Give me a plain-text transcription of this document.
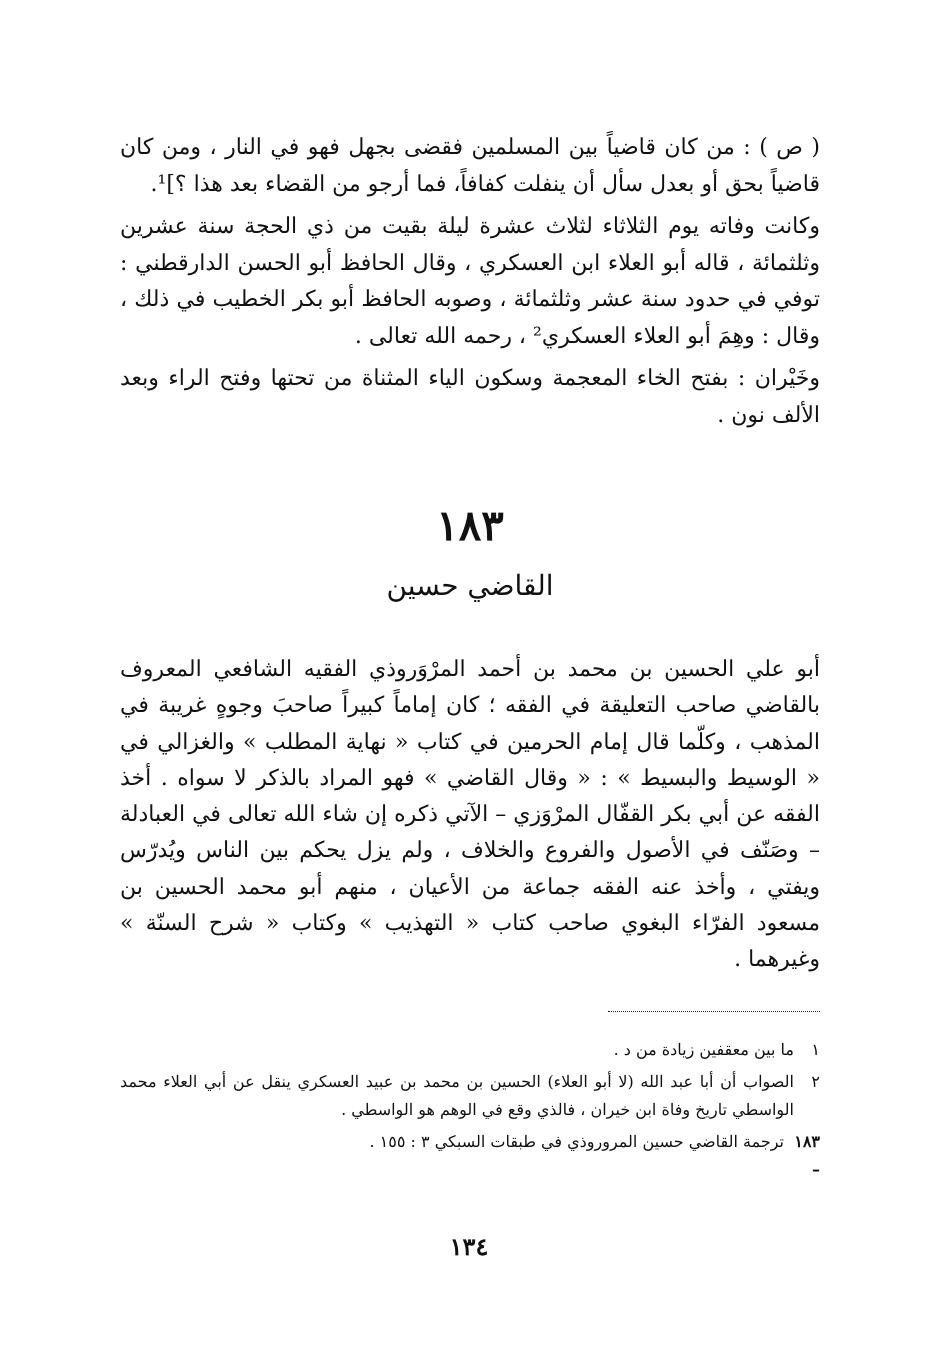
( ص ) : من كان قاضياً بين المسلمين فقضى بجهل فهو في النار ، ومن كان قاضياً بحق أو بعدل سأل أن ينفلت كفافاً، فما أرجو من القضاء بعد هذا ؟]¹.

وكانت وفاته يوم الثلاثاء لثلاث عشرة ليلة بقيت من ذي الحجة سنة عشرين وثلثمائة ، قاله أبو العلاء ابن العسكري ، وقال الحافظ أبو الحسن الدارقطني : توفي في حدود سنة عشر وثلثمائة ، وصوبه الحافظ أبو بكر الخطيب في ذلك ، وقال : وهِمَ أبو العلاء العسكري² ، رحمه الله تعالى .

وخَيْران : بفتح الخاء المعجمة وسكون الياء المثناة من تحتها وفتح الراء وبعد الألف نون .

١٨٣
القاضي حسين

أبو علي الحسين بن محمد بن أحمد المرْوَروذي الفقيه الشافعي المعروف بالقاضي صاحب التعليقة في الفقه ؛ كان إماماً كبيراً صاحبَ وجوهٍ غريبة في المذهب ، وكلّما قال إمام الحرمين في كتاب « نهاية المطلب » والغزالي في « الوسيط والبسيط » : « وقال القاضي » فهو المراد بالذكر لا سواه . أخذ الفقه عن أبي بكر القفّال المرْوَزي – الآتي ذكره إن شاء الله تعالى في العبادلة – وصَنّف في الأصول والفروع والخلاف ، ولم يزل يحكم بين الناس ويُدرّس ويفتي ، وأخذ عنه الفقه جماعة من الأعيان ، منهم أبو محمد الحسين بن مسعود الفرّاء البغوي صاحب كتاب « التهذيب » وكتاب « شرح السنّة » وغيرهما .

١
ما بين معقفين زيادة من د .
٢
الصواب أن أبا عبد الله (لا أبو العلاء) الحسين بن محمد بن عبيد العسكري ينقل عن أبي العلاء محمد الواسطي تاريخ وفاة ابن خيران ، فالذي وقع في الوهم هو الواسطي .
١٨٣ –
ترجمة القاضي حسين المروروذي في طبقات السبكي ٣ : ١٥٥ .
١٣٤
